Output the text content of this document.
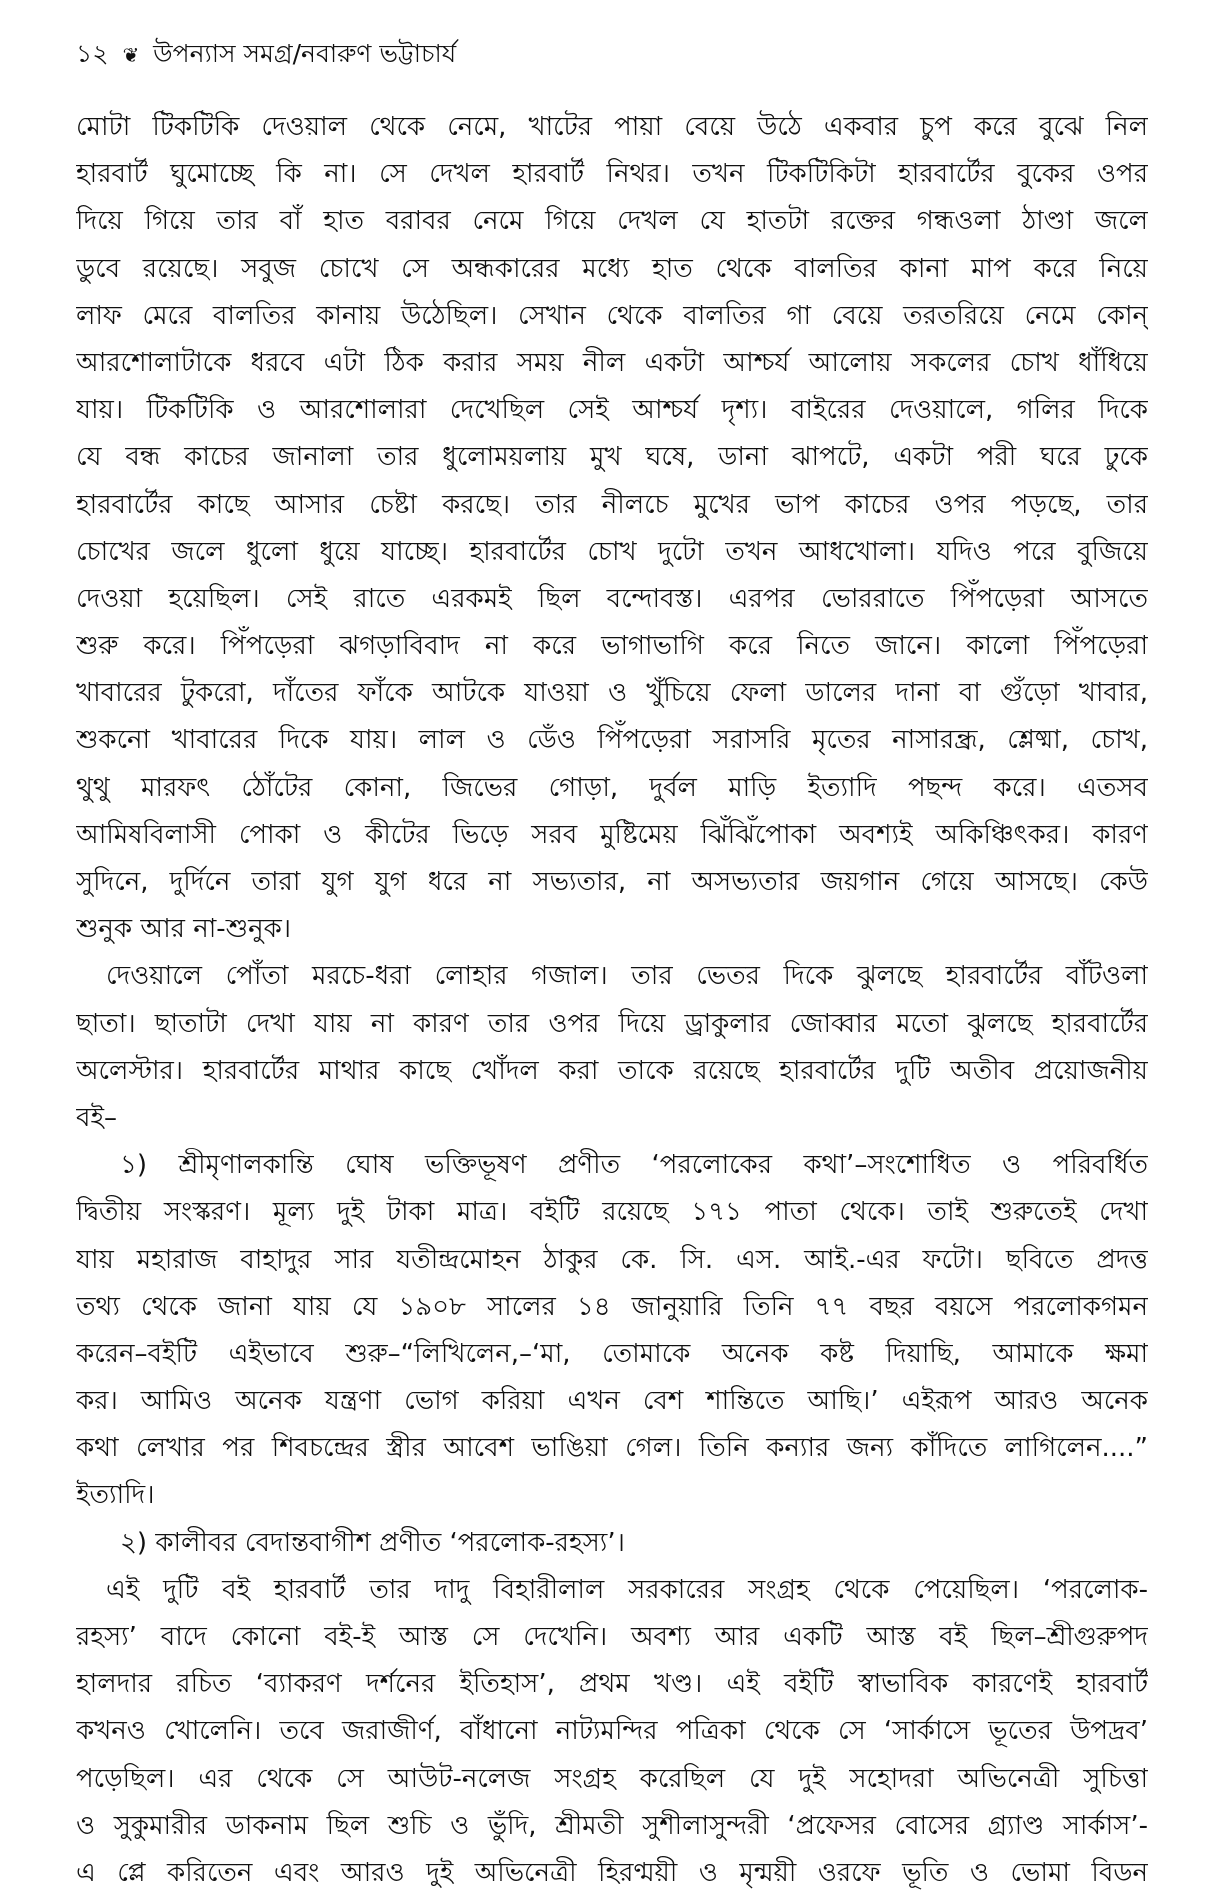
১২ ❦ উপন্যাস সমগ্র/নবারুণ ভট্টাচার্য
মোটা টিকটিকি দেওয়াল থেকে নেমে, খাটের পায়া বেয়ে উঠে একবার চুপ করে বুঝে নিল
হারবার্ট ঘুমোচ্ছে কি না। সে দেখল হারবার্ট নিথর। তখন টিকটিকিটা হারবার্টের বুকের ওপর
দিয়ে গিয়ে তার বাঁ হাত বরাবর নেমে গিয়ে দেখল যে হাতটা রক্তের গন্ধওলা ঠাণ্ডা জলে
ডুবে রয়েছে। সবুজ চোখে সে অন্ধকারের মধ্যে হাত থেকে বালতির কানা মাপ করে নিয়ে
লাফ মেরে বালতির কানায় উঠেছিল। সেখান থেকে বালতির গা বেয়ে তরতরিয়ে নেমে কোন্
আরশোলাটাকে ধরবে এটা ঠিক করার সময় নীল একটা আশ্চর্য আলোয় সকলের চোখ ধাঁধিয়ে
যায়। টিকটিকি ও আরশোলারা দেখেছিল সেই আশ্চর্য দৃশ্য। বাইরের দেওয়ালে, গলির দিকে
যে বন্ধ কাচের জানালা তার ধুলোময়লায় মুখ ঘষে, ডানা ঝাপটে, একটা পরী ঘরে ঢুকে
হারবার্টের কাছে আসার চেষ্টা করছে। তার নীলচে মুখের ভাপ কাচের ওপর পড়ছে, তার
চোখের জলে ধুলো ধুয়ে যাচ্ছে। হারবার্টের চোখ দুটো তখন আধখোলা। যদিও পরে বুজিয়ে
দেওয়া হয়েছিল। সেই রাতে এরকমই ছিল বন্দোবস্ত। এরপর ভোররাতে পিঁপড়েরা আসতে
শুরু করে। পিঁপড়েরা ঝগড়াবিবাদ না করে ভাগাভাগি করে নিতে জানে। কালো পিঁপড়েরা
খাবারের টুকরো, দাঁতের ফাঁকে আটকে যাওয়া ও খুঁচিয়ে ফেলা ডালের দানা বা গুঁড়ো খাবার,
শুকনো খাবারের দিকে যায়। লাল ও ডেঁও পিঁপড়েরা সরাসরি মৃতের নাসারন্ধ্র, শ্লেষ্মা, চোখ,
থুথু মারফৎ ঠোঁটের কোনা, জিভের গোড়া, দুর্বল মাড়ি ইত্যাদি পছন্দ করে। এতসব
আমিষবিলাসী পোকা ও কীটের ভিড়ে সরব মুষ্টিমেয় ঝিঁঝিঁপোকা অবশ্যই অকিঞ্চিৎকর। কারণ
সুদিনে, দুর্দিনে তারা যুগ যুগ ধরে না সভ্যতার, না অসভ্যতার জয়গান গেয়ে আসছে। কেউ
শুনুক আর না-শুনুক।
দেওয়ালে পোঁতা মরচে-ধরা লোহার গজাল। তার ভেতর দিকে ঝুলছে হারবার্টের বাঁটওলা
ছাতা। ছাতাটা দেখা যায় না কারণ তার ওপর দিয়ে ড্রাকুলার জোব্বার মতো ঝুলছে হারবার্টের
অলেস্টার। হারবার্টের মাথার কাছে খোঁদল করা তাকে রয়েছে হারবার্টের দুটি অতীব প্রয়োজনীয়
বই–
১) শ্রীমৃণালকান্তি ঘোষ ভক্তিভূষণ প্রণীত ‘পরলোকের কথা’–সংশোধিত ও পরিবর্ধিত
দ্বিতীয় সংস্করণ। মূল্য দুই টাকা মাত্র। বইটি রয়েছে ১৭১ পাতা থেকে। তাই শুরুতেই দেখা
যায় মহারাজ বাহাদুর সার যতীন্দ্রমোহন ঠাকুর কে. সি. এস. আই.-এর ফটো। ছবিতে প্রদত্ত
তথ্য থেকে জানা যায় যে ১৯০৮ সালের ১৪ জানুয়ারি তিনি ৭৭ বছর বয়সে পরলোকগমন
করেন–বইটি এইভাবে শুরু–“লিখিলেন,–‘মা, তোমাকে অনেক কষ্ট দিয়াছি, আমাকে ক্ষমা
কর। আমিও অনেক যন্ত্রণা ভোগ করিয়া এখন বেশ শান্তিতে আছি।’ এইরূপ আরও অনেক
কথা লেখার পর শিবচন্দ্রের স্ত্রীর আবেশ ভাঙিয়া গেল। তিনি কন্যার জন্য কাঁদিতে লাগিলেন....”
ইত্যাদি।
২) কালীবর বেদান্তবাগীশ প্রণীত ‘পরলোক-রহস্য’।
এই দুটি বই হারবার্ট তার দাদু বিহারীলাল সরকারের সংগ্রহ থেকে পেয়েছিল। ‘পরলোক-
রহস্য’ বাদে কোনো বই-ই আস্ত সে দেখেনি। অবশ্য আর একটি আস্ত বই ছিল–শ্রীগুরুপদ
হালদার রচিত ‘ব্যাকরণ দর্শনের ইতিহাস’, প্রথম খণ্ড। এই বইটি স্বাভাবিক কারণেই হারবার্ট
কখনও খোলেনি। তবে জরাজীর্ণ, বাঁধানো নাট্যমন্দির পত্রিকা থেকে সে ‘সার্কাসে ভূতের উপদ্রব’
পড়েছিল। এর থেকে সে আউট-নলেজ সংগ্রহ করেছিল যে দুই সহোদরা অভিনেত্রী সুচিত্তা
ও সুকুমারীর ডাকনাম ছিল শুচি ও ভুঁদি, শ্রীমতী সুশীলাসুন্দরী ‘প্রফেসর বোসের গ্র্যাণ্ড সার্কাস’-
এ প্লে করিতেন এবং আরও দুই অভিনেত্রী হিরণ্ময়ী ও মৃন্ময়ী ওরফে ভূতি ও ভোমা বিডন
